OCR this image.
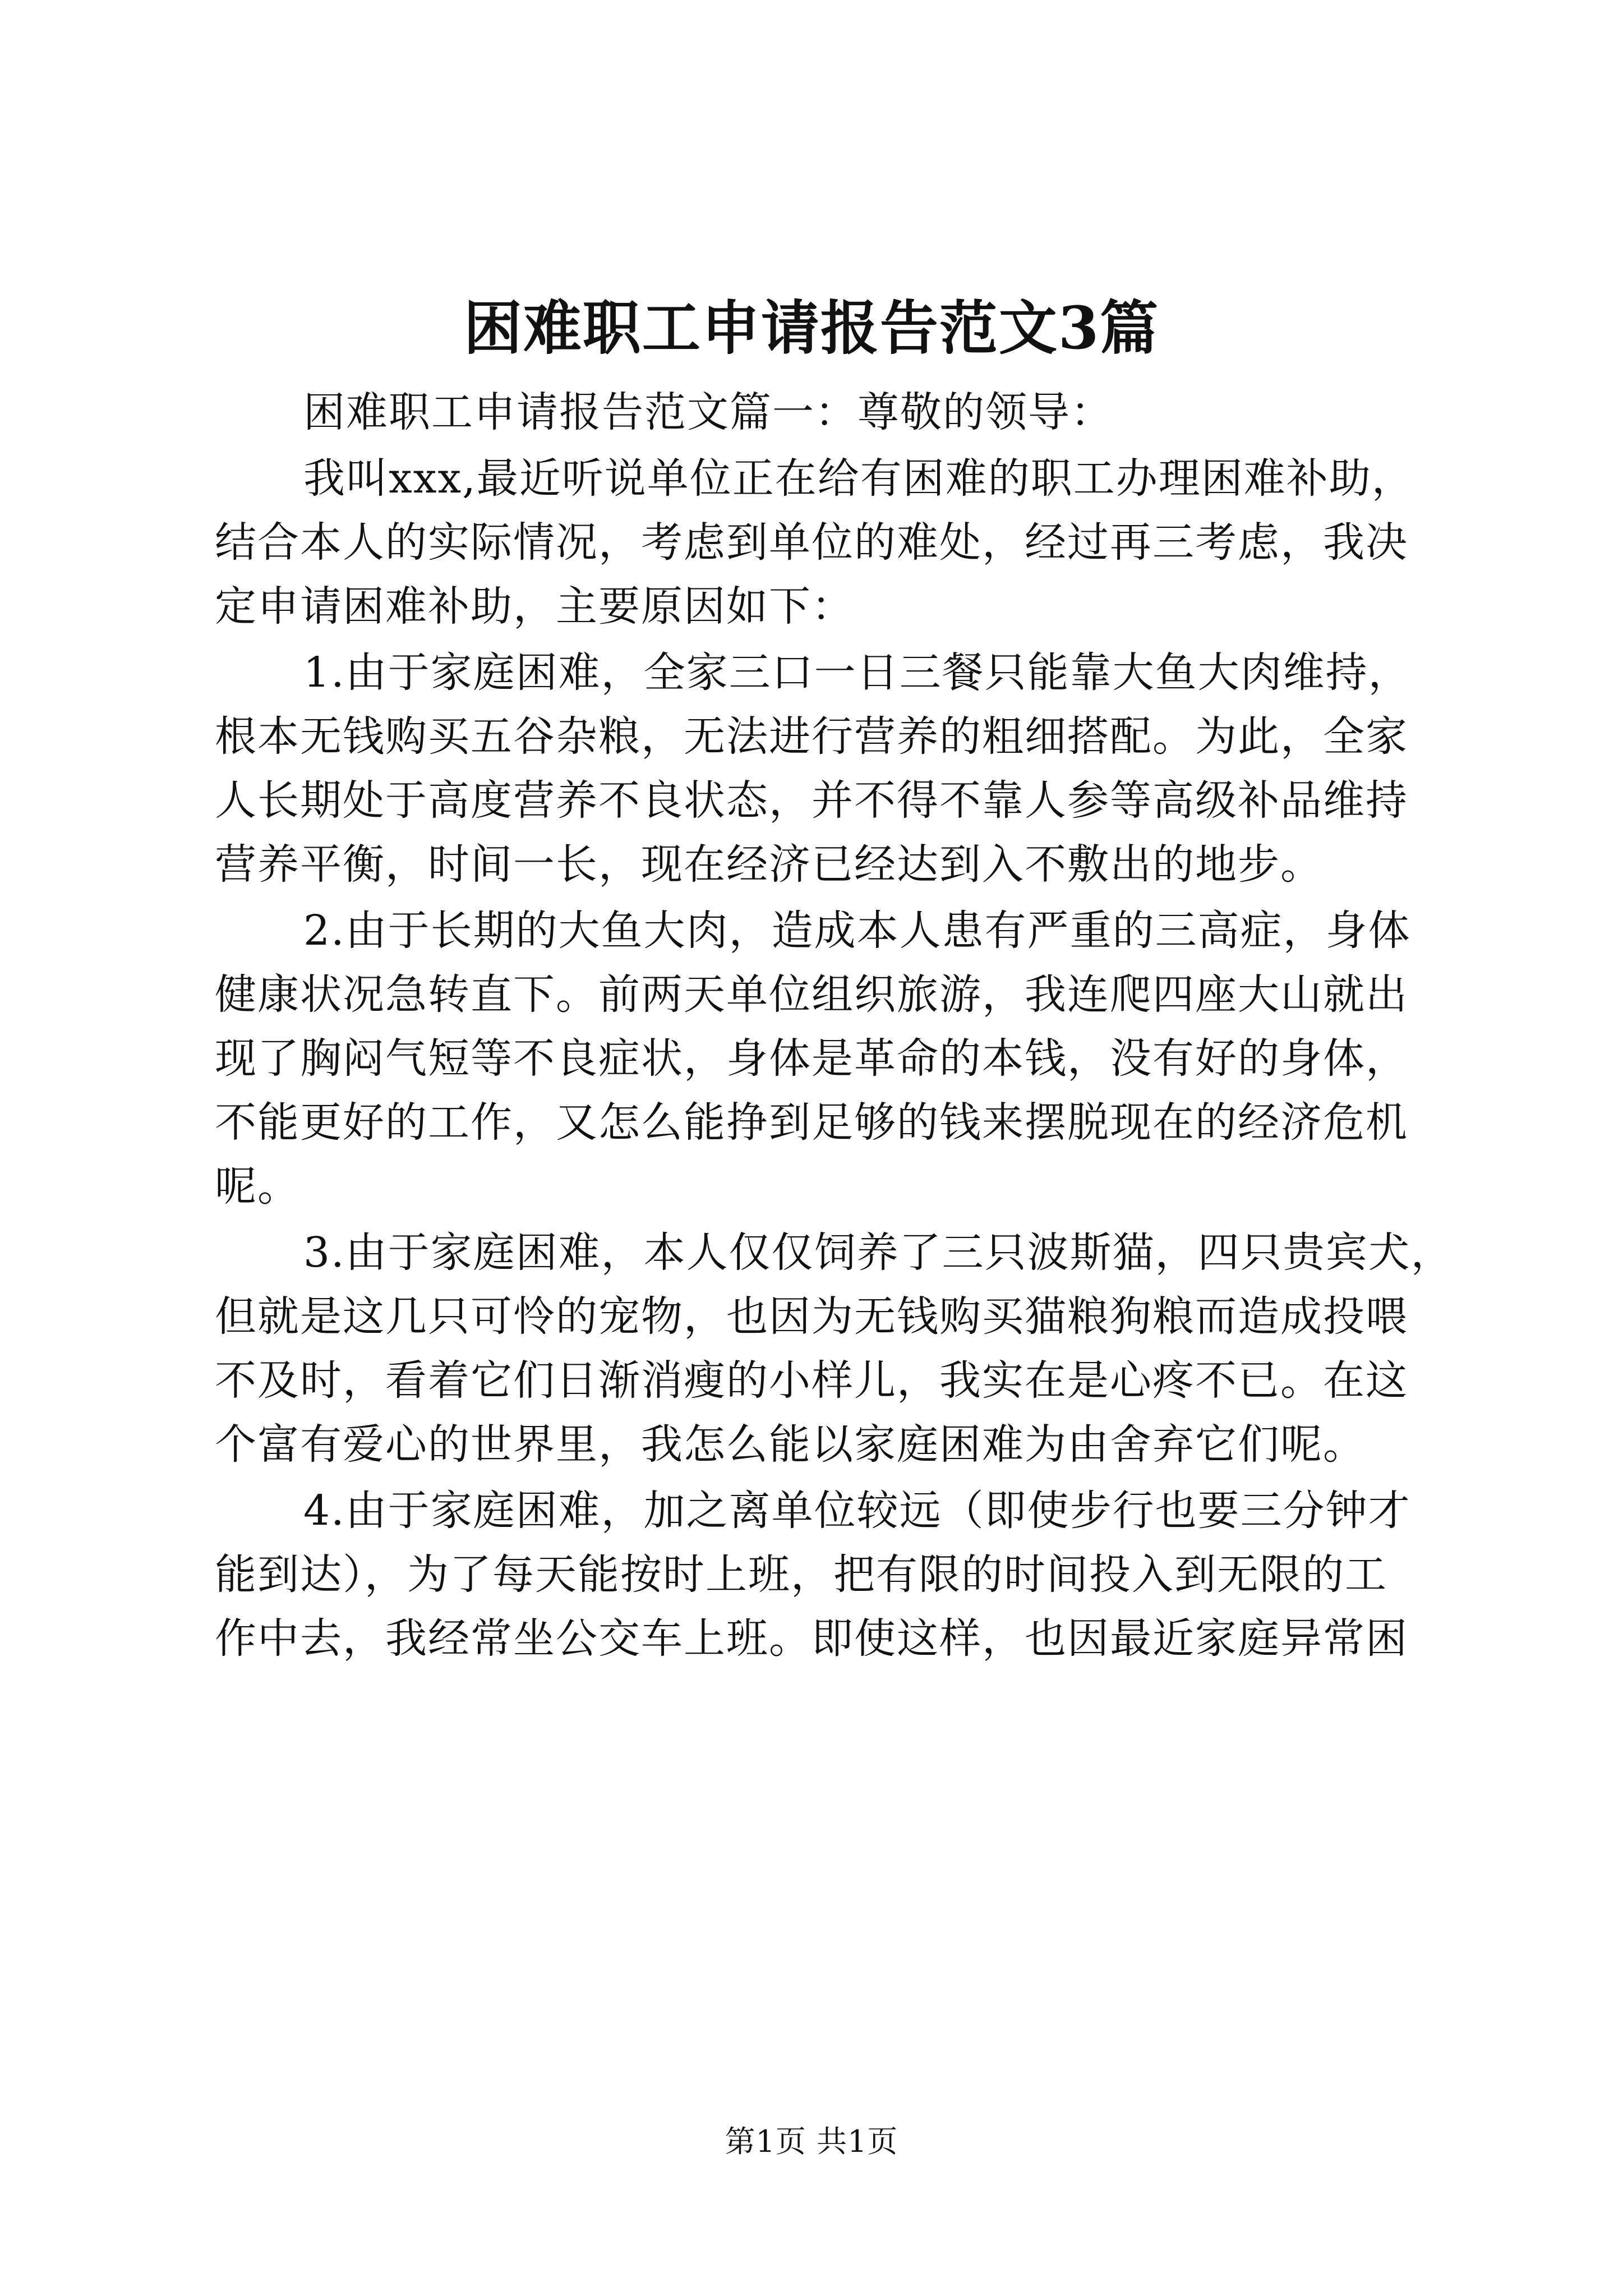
困难职工申请报告范文3篇
困难职工申请报告范文篇一：尊敬的领导：
我叫xxx,最近听说单位正在给有困难的职工办理困难补助，
结合本人的实际情况，考虑到单位的难处，经过再三考虑，我决
定申请困难补助，主要原因如下：
1.由于家庭困难，全家三口一日三餐只能靠大鱼大肉维持，
根本无钱购买五谷杂粮，无法进行营养的粗细搭配。为此，全家
人长期处于高度营养不良状态，并不得不靠人参等高级补品维持
营养平衡，时间一长，现在经济已经达到入不敷出的地步。
2.由于长期的大鱼大肉，造成本人患有严重的三高症，身体
健康状况急转直下。前两天单位组织旅游，我连爬四座大山就出
现了胸闷气短等不良症状，身体是革命的本钱，没有好的身体，
不能更好的工作，又怎么能挣到足够的钱来摆脱现在的经济危机
呢。
3.由于家庭困难，本人仅仅饲养了三只波斯猫，四只贵宾犬，
但就是这几只可怜的宠物，也因为无钱购买猫粮狗粮而造成投喂
不及时，看着它们日渐消瘦的小样儿，我实在是心疼不已。在这
个富有爱心的世界里，我怎么能以家庭困难为由舍弃它们呢。
4.由于家庭困难，加之离单位较远（即使步行也要三分钟才
能到达），为了每天能按时上班，把有限的时间投入到无限的工
作中去，我经常坐公交车上班。即使这样，也因最近家庭异常困
第1页 共1页
